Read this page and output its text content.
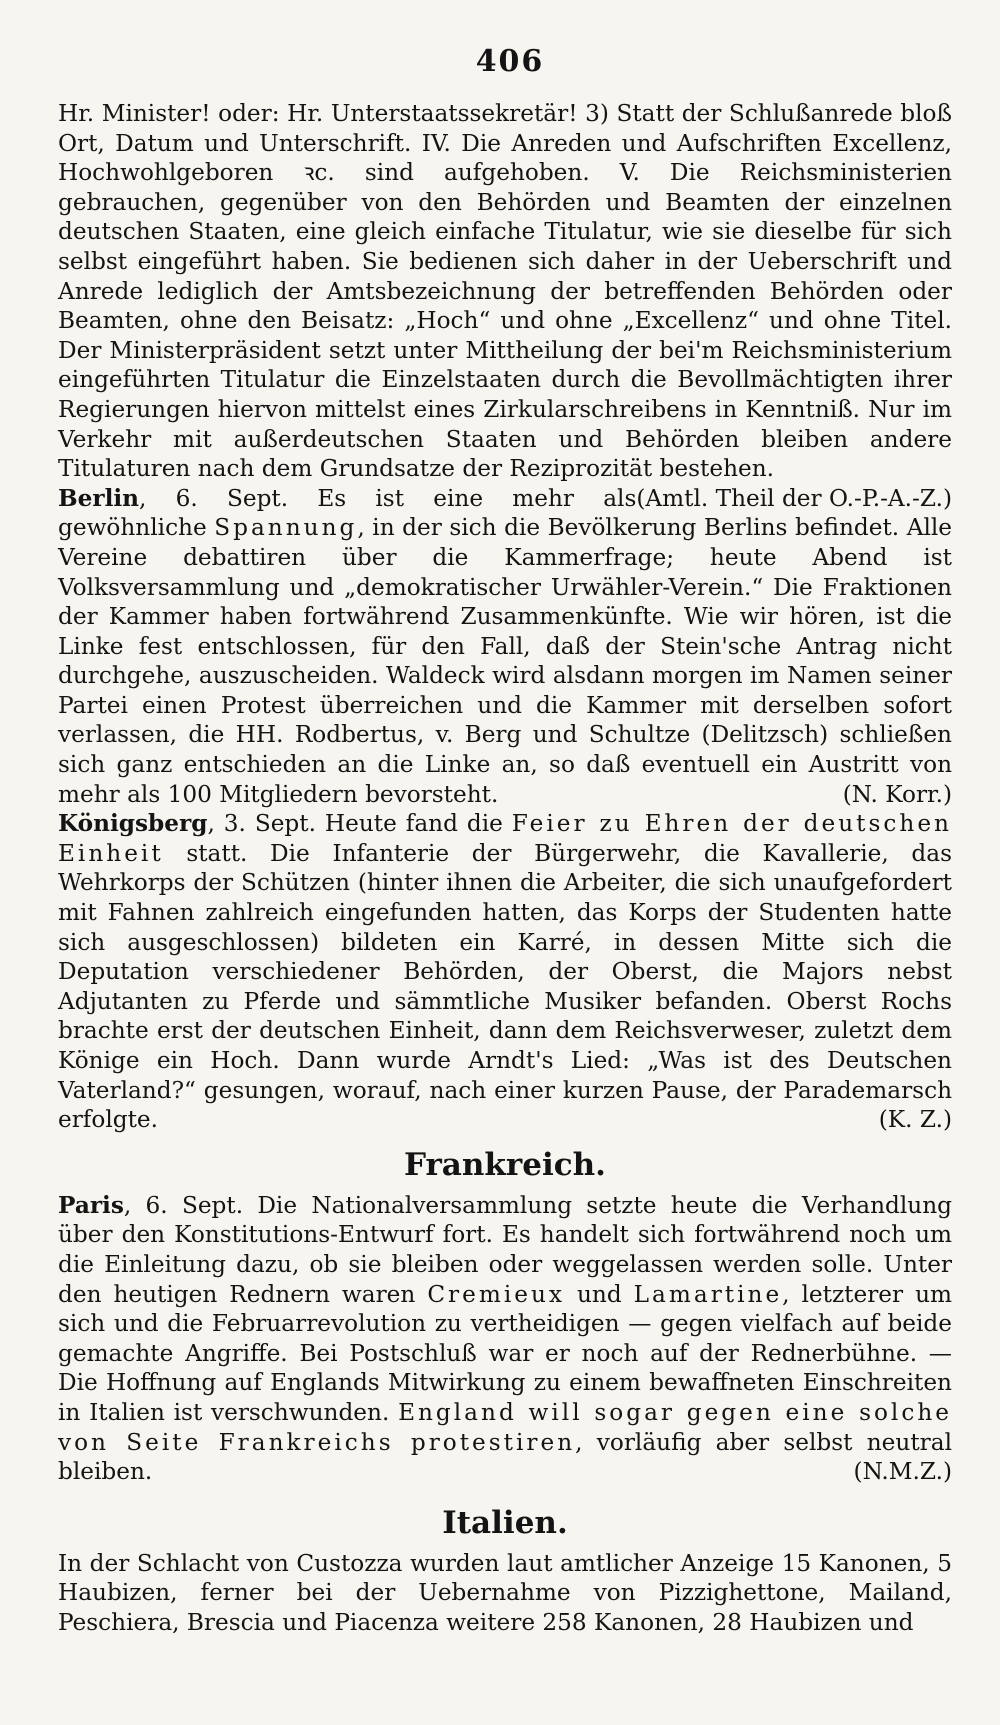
406

Hr. Minister! oder: Hr. Unterstaatssekretär! 3) Statt der Schlußanrede bloß Ort, Datum und Unterschrift. IV. Die Anreden und Aufschriften Excellenz, Hochwohlgeboren ꝛc. sind aufgehoben. V. Die Reichsministerien gebrauchen, gegenüber von den Behörden und Beamten der einzelnen deutschen Staaten, eine gleich einfache Titulatur, wie sie dieselbe für sich selbst eingeführt haben. Sie bedienen sich daher in der Ueberschrift und Anrede lediglich der Amtsbezeichnung der betreffenden Behörden oder Beamten, ohne den Beisatz: „Hoch“ und ohne „Excellenz“ und ohne Titel. Der Ministerpräsident setzt unter Mittheilung der bei'm Reichsministerium eingeführten Titulatur die Einzelstaaten durch die Bevollmächtigten ihrer Regierungen hiervon mittelst eines Zirkularschreibens in Kenntniß. Nur im Verkehr mit außerdeutschen Staaten und Behörden bleiben andere Titulaturen nach dem Grundsatze der Reziprozität bestehen.
(Amtl. Theil der O.-P.-A.-Z.)

Berlin, 6. Sept. Es ist eine mehr als gewöhnliche Spannung, in der sich die Bevölkerung Berlins befindet. Alle Vereine debattiren über die Kammerfrage; heute Abend ist Volksversammlung und „demokratischer Urwähler-Verein.“ Die Fraktionen der Kammer haben fortwährend Zusammenkünfte. Wie wir hören, ist die Linke fest entschlossen, für den Fall, daß der Stein'sche Antrag nicht durchgehe, auszuscheiden. Waldeck wird alsdann morgen im Namen seiner Partei einen Protest überreichen und die Kammer mit derselben sofort verlassen, die HH. Rodbertus, v. Berg und Schultze (Delitzsch) schließen sich ganz entschieden an die Linke an, so daß eventuell ein Austritt von mehr als 100 Mitgliedern bevorsteht.	(N. Korr.)

Königsberg, 3. Sept. Heute fand die Feier zu Ehren der deutschen Einheit statt. Die Infanterie der Bürgerwehr, die Kavallerie, das Wehrkorps der Schützen (hinter ihnen die Arbeiter, die sich unaufgefordert mit Fahnen zahlreich eingefunden hatten, das Korps der Studenten hatte sich ausgeschlossen) bildeten ein Karré, in dessen Mitte sich die Deputation verschiedener Behörden, der Oberst, die Majors nebst Adjutanten zu Pferde und sämmtliche Musiker befanden. Oberst Rochs brachte erst der deutschen Einheit, dann dem Reichsverweser, zuletzt dem Könige ein Hoch. Dann wurde Arndt's Lied: „Was ist des Deutschen Vaterland?“ gesungen, worauf, nach einer kurzen Pause, der Parademarsch erfolgte.	(K. Z.)

Frankreich.

Paris, 6. Sept. Die Nationalversammlung setzte heute die Verhandlung über den Konstitutions-Entwurf fort. Es handelt sich fortwährend noch um die Einleitung dazu, ob sie bleiben oder weggelassen werden solle. Unter den heutigen Rednern waren Cremieux und Lamartine, letzterer um sich und die Februarrevolution zu vertheidigen — gegen vielfach auf beide gemachte Angriffe. Bei Postschluß war er noch auf der Rednerbühne. — Die Hoffnung auf Englands Mitwirkung zu einem bewaffneten Einschreiten in Italien ist verschwunden. England will sogar gegen eine solche von Seite Frankreichs protestiren, vorläufig aber selbst neutral bleiben.	(N.M.Z.)

Italien.

In der Schlacht von Custozza wurden laut amtlicher Anzeige 15 Kanonen, 5 Haubizen, ferner bei der Uebernahme von Pizzighettone, Mailand, Peschiera, Brescia und Piacenza weitere 258 Kanonen, 28 Haubizen und
